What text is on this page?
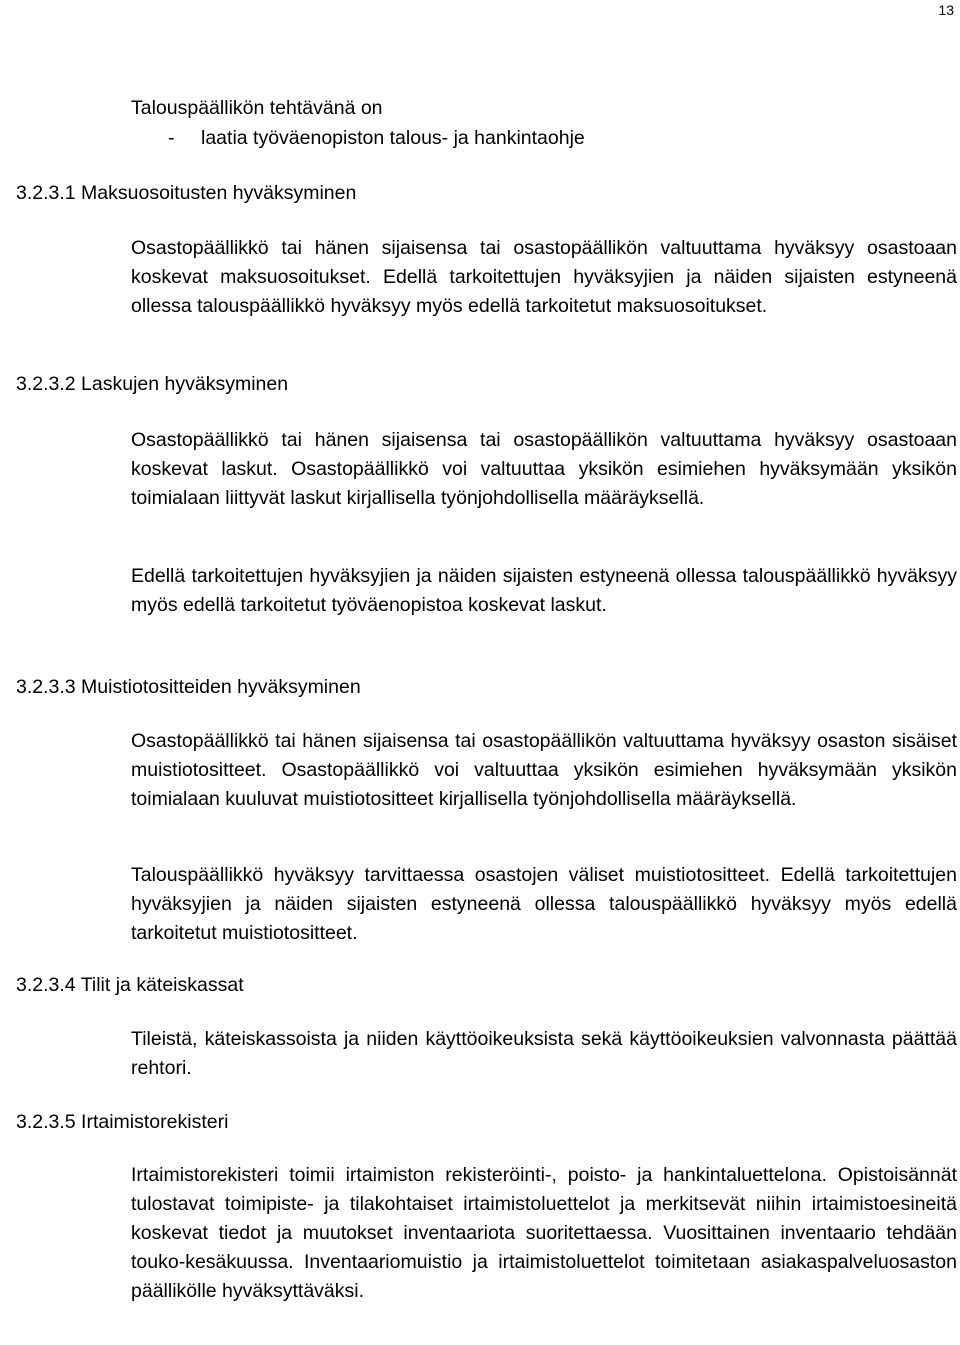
13
Talouspäällikön tehtävänä on
- laatia työväenopiston talous- ja hankintaohje
3.2.3.1 Maksuosoitusten hyväksyminen

Osastopäällikkö tai hänen sijaisensa tai osastopäällikön valtuuttama hyväksyy osastoaan koskevat maksuosoitukset. Edellä tarkoitettujen hyväksyjien ja näiden sijaisten estyneenä ollessa talouspäällikkö hyväksyy myös edellä tarkoitetut maksuosoitukset.

3.2.3.2 Laskujen hyväksyminen

Osastopäällikkö tai hänen sijaisensa tai osastopäällikön valtuuttama hyväksyy osastoaan koskevat laskut. Osastopäällikkö voi valtuuttaa yksikön esimiehen hyväksymään yksikön toimialaan liittyvät laskut kirjallisella työnjohdollisella määräyksellä.

Edellä tarkoitettujen hyväksyjien ja näiden sijaisten estyneenä ollessa talouspäällikkö hyväksyy myös edellä tarkoitetut työväenopistoa koskevat laskut.

3.2.3.3 Muistiotositteiden hyväksyminen

Osastopäällikkö tai hänen sijaisensa tai osastopäällikön valtuuttama hyväksyy osaston sisäiset muistiotositteet. Osastopäällikkö voi valtuuttaa yksikön esimiehen hyväksymään yksikön toimialaan kuuluvat muistiotositteet kirjallisella työnjohdollisella määräyksellä.

Talouspäällikkö hyväksyy tarvittaessa osastojen väliset muistiotositteet. Edellä tarkoitettujen hyväksyjien ja näiden sijaisten estyneenä ollessa talouspäällikkö hyväksyy myös edellä tarkoitetut muistiotositteet.

3.2.3.4 Tilit ja käteiskassat

Tileistä, käteiskassoista ja niiden käyttöoikeuksista sekä käyttöoikeuksien valvonnasta päättää rehtori.

3.2.3.5 Irtaimistorekisteri

Irtaimistorekisteri toimii irtaimiston rekisteröinti-, poisto- ja hankintaluettelona. Opistoisännät tulostavat toimipiste- ja tilakohtaiset irtaimistoluettelot ja merkitsevät niihin irtaimistoesineitä koskevat tiedot ja muutokset inventaariota suoritettaessa. Vuosittainen inventaario tehdään touko-kesäkuussa. Inventaariomuistio ja irtaimistoluettelot toimitetaan asiakaspalveluosaston päällikölle hyväksyttäväksi.
